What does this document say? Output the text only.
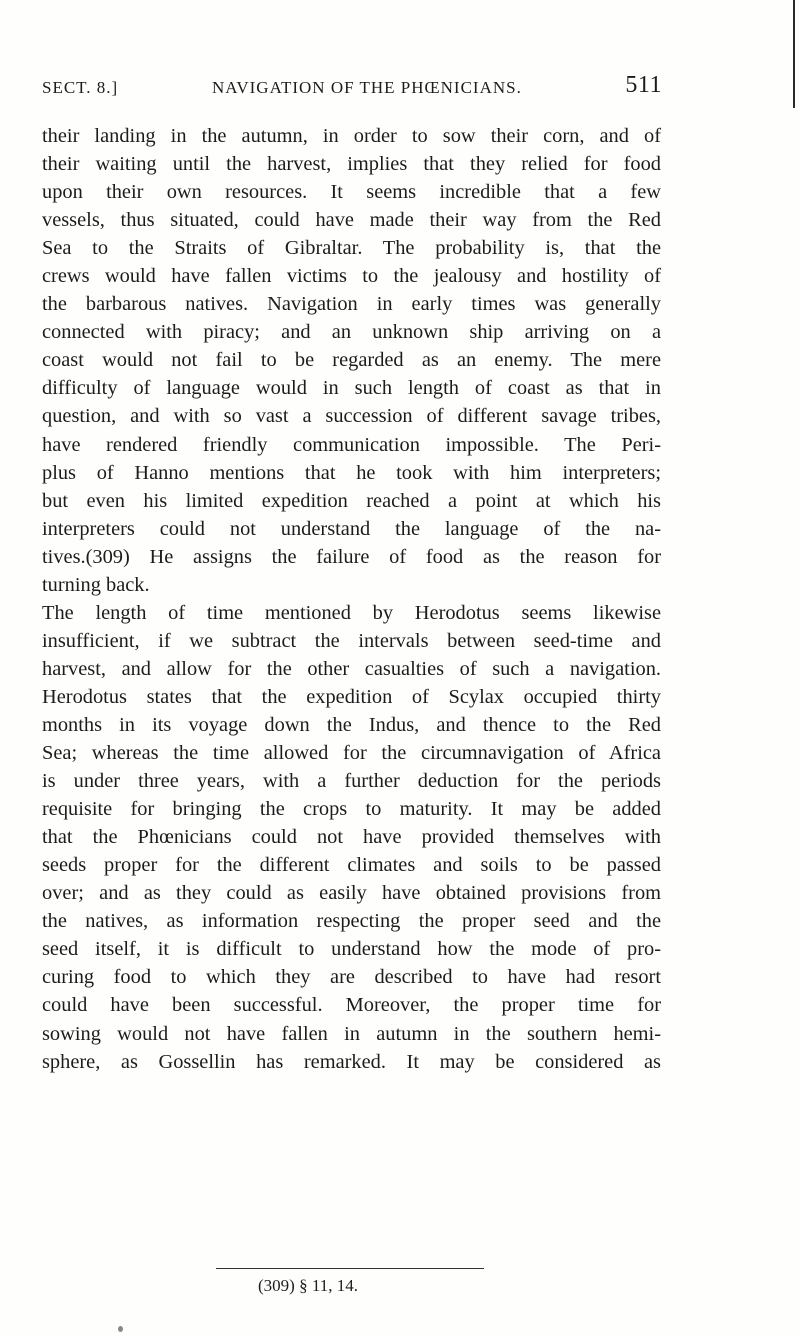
SECT. 8.]	NAVIGATION OF THE PHŒNICIANS.	511
their landing in the autumn, in order to sow their corn, and of
their waiting until the harvest, implies that they relied for food
upon their own resources. It seems incredible that a few
vessels, thus situated, could have made their way from the Red
Sea to the Straits of Gibraltar. The probability is, that the
crews would have fallen victims to the jealousy and hostility of
the barbarous natives. Navigation in early times was generally
connected with piracy; and an unknown ship arriving on a
coast would not fail to be regarded as an enemy. The mere
difficulty of language would in such length of coast as that in
question, and with so vast a succession of different savage tribes,
have rendered friendly communication impossible. The Peri-
plus of Hanno mentions that he took with him interpreters;
but even his limited expedition reached a point at which his
interpreters could not understand the language of the na-
tives.(309) He assigns the failure of food as the reason for
turning back.
The length of time mentioned by Herodotus seems likewise
insufficient, if we subtract the intervals between seed-time and
harvest, and allow for the other casualties of such a navigation.
Herodotus states that the expedition of Scylax occupied thirty
months in its voyage down the Indus, and thence to the Red
Sea; whereas the time allowed for the circumnavigation of Africa
is under three years, with a further deduction for the periods
requisite for bringing the crops to maturity. It may be added
that the Phœnicians could not have provided themselves with
seeds proper for the different climates and soils to be passed
over; and as they could as easily have obtained provisions from
the natives, as information respecting the proper seed and the
seed itself, it is difficult to understand how the mode of pro-
curing food to which they are described to have had resort
could have been successful. Moreover, the proper time for
sowing would not have fallen in autumn in the southern hemi-
sphere, as Gossellin has remarked. It may be considered as
(309) § 11, 14.
